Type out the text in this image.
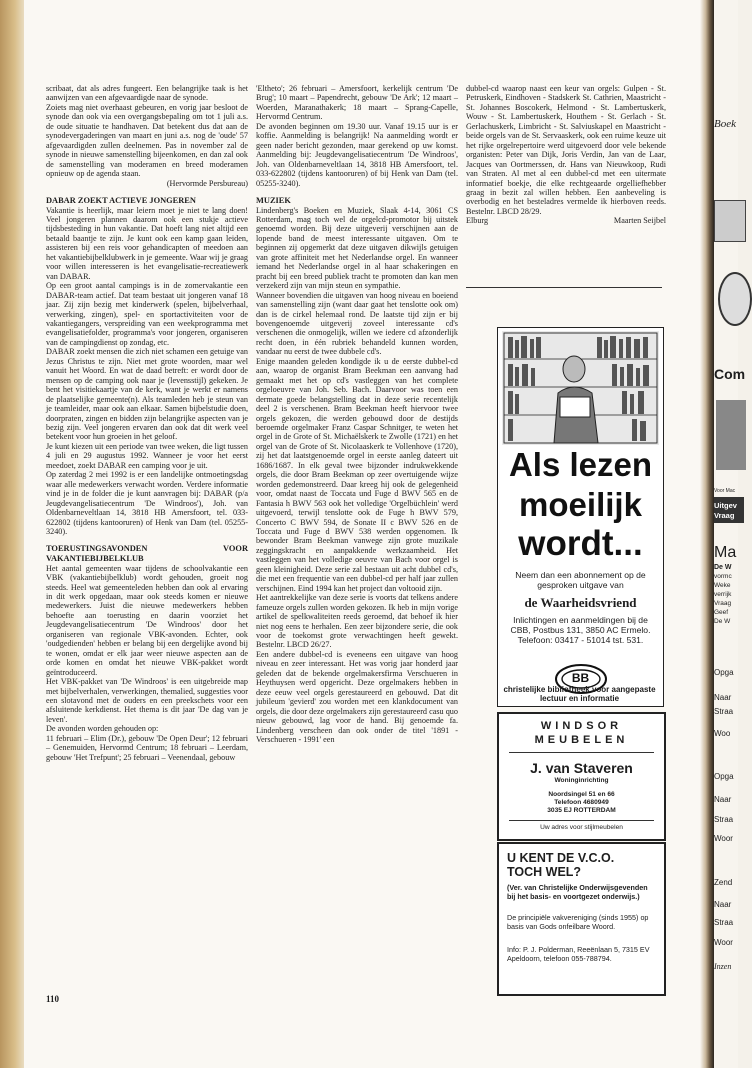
scribaat, dat als adres fungeert. Een belangrijke taak is het aanwijzen van een afgevaardigde naar de synode.

Zoiets mag niet overhaast gebeuren, en vorig jaar besloot de synode dan ook via een overgangsbepaling om tot 1 juli a.s. de oude situatie te handhaven. Dat betekent dus dat aan de synodevergaderingen van maart en juni a.s. nog de 'oude' 57 afgevaardigden zullen deelnemen. Pas in november zal de synode in nieuwe samenstelling bijeenkomen, en dan zal ook de samenstelling van moderamen en breed moderamen opnieuw op de agenda staan.

(Hervormde Persbureau)

DABAR ZOEKT ACTIEVE JONGEREN

Vakantie is heerlijk, maar leiern moet je niet te lang doen! Veel jongeren plannen daarom ook een stukje actieve tijdsbesteding in hun vakantie. Dat hoeft lang niet altijd een betaald baantje te zijn. Je kunt ook een kamp gaan leiden, assisteren bij een reis voor gehandicapten of meedoen aan het vakantiebijbelklubwerk in je gemeente. Waar wij je graag voor willen interesseren is het evangelisatie-recreatiewerk van DABAR.

Op een groot aantal campings is in de zomervakantie een DABAR-team actief. Dat team bestaat uit jongeren vanaf 18 jaar. Zij zijn bezig met kinderwerk (spelen, bijbelverhaal, verwerking, zingen), spel- en sportactiviteiten voor de vakantiegangers, verspreiding van een weekprogramma met evangelisatiefolder, programma's voor jongeren, organiseren van de campingdienst op zondag, etc.

DABAR zoekt mensen die zich niet schamen een getuige van Jezus Christus te zijn. Niet met grote woorden, maar wel vanuit het Woord. En wat de daad betreft: er wordt door de mensen op de camping ook naar je (levensstijl) gekeken. Je bent het visitiekaartje van de kerk, want je werkt er namens de plaatselijke gemeente(n). Als teamleden heb je steun van je teamleider, maar ook aan elkaar. Samen bijbelstudie doen, doorpraten, zingen en bidden zijn belangrijke aspecten van je bezig zijn. Veel jongeren ervaren dan ook dat dit werk veel betekent voor hun groeien in het geloof.

Je kunt kiezen uit een periode van twee weken, die ligt tussen 4 juli en 29 augustus 1992. Wanneer je voor het eerst meedoet, zoekt DABAR een camping voor je uit.

Op zaterdag 2 mei 1992 is er een landelijke ontmoetingsdag waar alle medewerkers verwacht worden. Verdere informatie vind je in de folder die je kunt aanvragen bij: DABAR (p/a Jeugdevangelisatiecentrum 'De Windroos'), Joh. van Oldenbarneveltlaan 14, 3818 HB Amersfoort, tel. 033-622802 (tijdens kantooruren) of Henk van Dam (tel. 05255-3240).

TOERUSTINGSAVONDEN VOOR VAKANTIEBIJBELKLUB

Het aantal gemeenten waar tijdens de schoolvakantie een VBK (vakantiebijbelklub) wordt gehouden, groeit nog steeds. Heel wat gemeenteleden hebben dan ook al ervaring in dit werk opgedaan, maar ook steeds komen er nieuwe medewerkers. Juist die nieuwe medewerkers hebben behoefte aan toerusting en daarin voorziet het Jeugdevangelisatiecentrum 'De Windroos' door het organiseren van regionale VBK-avonden. Echter, ook 'oudgedienden' hebben er belang bij een dergelijke avond bij te wonen, omdat er elk jaar weer nieuwe aspecten aan de orde komen en omdat het nieuwe VBK-pakket wordt geïntroduceerd.

Het VBK-pakket van 'De Windroos' is een uitgebreide map met bijbelverhalen, verwerkingen, themalied, suggesties voor een slotavond met de ouders en een preekschets voor een afsluitende kerkdienst. Het thema is dit jaar 'De dag van je leven'.

De avonden worden gehouden op:

11 februari – Elim (Dr.), gebouw 'De Open Deur'; 12 februari – Genemuiden, Hervormd Centrum; 18 februari – Leerdam, gebouw 'Het Trefpunt'; 25 februari – Veenendaal, gebouw

'Eltheto'; 26 februari – Amersfoort, kerkelijk centrum 'De Brug'; 10 maart – Papendrecht, gebouw 'De Ark'; 12 maart – Woerden, Maranathakerk; 18 maart – Sprang-Capelle, Hervormd Centrum.

De avonden beginnen om 19.30 uur. Vanaf 19.15 uur is er koffie. Aanmelding is belangrijk! Na aanmelding wordt er geen nader bericht gezonden, maar gerekend op uw komst. Aanmelding bij: Jeugdevangelisatiecentrum 'De Windroos', Joh. van Oldenbarneveltlaan 14, 3818 HB Amersfoort, tel. 033-622802 (tijdens kantooruren) of bij Henk van Dam (tel. 05255-3240).

MUZIEK

Lindenberg's Boeken en Muziek, Slaak 4-14, 3061 CS Rotterdam, mag toch wel de orgelcd-promotor bij uitstek genoemd worden. Bij deze uitgeverij verschijnen aan de lopende band de meest interessante uitgaven. Om te beginnen zij opgemerkt dat deze uitgaven dikwijls getuigen van grote affiniteit met het Nederlandse orgel. En wanneer iemand het Nederlandse orgel in al haar schakeringen en pracht bij een breed publiek tracht te promoten dan kan men verzekerd zijn van mijn steun en sympathie.

Wanneer bovendien die uitgaven van hoog niveau en boeiend van samenstelling zijn (want daar gaat het tenslotte ook om) dan is de cirkel helemaal rond. De laatste tijd zijn er bij bovengenoemde uitgeverij zoveel interessante cd's verschenen die onmogelijk, willen we iedere cd afzonderlijk recht doen, in één rubriek behandeld kunnen worden, vandaar nu eerst de twee dubbele cd's.

Enige maanden geleden kondigde ik u de eerste dubbel-cd aan, waarop de organist Bram Beekman een aanvang had gemaakt met het op cd's vastleggen van het complete orgeloeuvre van Joh. Seb. Bach. Daarvoor was toen een dermate goede belangstelling dat in deze serie recentelijk deel 2 is verschenen. Bram Beekman heeft hiervoor twee orgels gekozen, die werden gebouwd door de destijds beroemde orgelmaker Franz Caspar Schnitger, te weten het orgel in de Grote of St. Michaëlskerk te Zwolle (1721) en het orgel van de Grote of St. Nicolaaskerk te Vollenhove (1720), zij het dat laatstgenoemde orgel in eerste aanleg dateert uit 1686/1687. In elk geval twee bijzonder indrukwekkende orgels, die door Bram Beekman op zeer overtuigende wijze worden gedemonstreerd. Daar kreeg hij ook de gelegenheid voor, omdat naast de Toccata und Fuge d BWV 565 en de Fantasia h BWV 563 ook het volledige 'Orgelbüchlein' werd uitgevoerd, terwijl tenslotte ook de Fuge h BWV 579, Concerto C BWV 594, de Sonate II c BWV 526 en de Toccata und Fuge d BWV 538 werden opgenomen. Ik bewonder Bram Beekman vanwege zijn grote muzikale zeggingskracht en aanpakkende werkzaamheid. Het vastleggen van het volledige oeuvre van Bach voor orgel is geen kleinigheid. Deze serie zal bestaan uit acht dubbel cd's, die met een frequentie van een dubbel-cd per half jaar zullen verschijnen. Eind 1994 kan het project dan voltooid zijn.

Het aantrekkelijke van deze serie is voorts dat telkens andere fameuze orgels zullen worden gekozen. Ik heb in mijn vorige artikel de spelkwaliteiten reeds geroemd, dat behoef ik hier niet nog eens te herhalen. Een zeer bijzondere serie, die ook voor de toekomst grote verwachtingen heeft gewekt. Bestelnr. LBCD 26/27.

Een andere dubbel-cd is eveneens een uitgave van hoog niveau en zeer interessant. Het was vorig jaar honderd jaar geleden dat de bekende orgelmakersfirma Verschueren in Heythuysen werd opgericht. Deze orgelmakers hebben in deze eeuw veel orgels gerestaureerd en gebouwd. Dat dit jubileum 'gevierd' zou worden met een klankdocument van orgels, die door deze orgelmakers zijn gerestaureerd casu quo nieuw gebouwd, lag voor de hand. Bij genoemde fa. Lindenberg verscheen dan ook onder de titel '1891 - Verschueren - 1991' een

dubbel-cd waarop naast een keur van orgels: Gulpen - St. Petruskerk, Eindhoven - Stadskerk St. Cathrien, Maastricht - St. Johannes Boscokerk, Helmond - St. Lambertuskerk, Wouw - St. Lambertuskerk, Houthem - St. Gerlach - St. Gerlachuskerk, Limbricht - St. Salviuskapel en Maastricht - beide orgels van de St. Servaaskerk, ook een ruime keuze uit het rijke orgelrepertoire werd uitgevoerd door vele bekende organisten: Peter van Dijk, Joris Verdin, Jan van de Laar, Jacques van Oortmerssen, dr. Hans van Nieuwkoop, Rudi van Straten. Al met al een dubbel-cd met een uitermate informatief boekje, die elke rechtgeaarde orgelliefhebber graag in bezit zal willen hebben. Een aanbeveling is overbodig en het besteladres vermelde ik hierboven reeds. Bestelnr. LBCD 28/29.

Elburg	Maarten Seijbel
110
Als lezen
moeilijk
wordt...
Neem dan een abonnement op de gesproken uitgave van
de Waarheidsvriend
Inlichtingen en aanmeldingen bij de CBB, Postbus 131, 3850 AC Ermelo. Telefoon: 03417 - 51014 tst. 531.
BB
christelijke bibliotheek voor aangepaste lectuur en informatie
WINDSOR
MEUBELEN
J. van Staveren
Woninginrichting
Noordsingel 51 en 66
Telefoon 4680949
3035 EJ ROTTERDAM
Uw adres voor stijlmeubelen
U KENT DE V.C.O.
TOCH WEL?
(Ver. van Christelijke Onderwijsgevenden bij het basis- en voortgezet onderwijs.)
De principiële vakvereniging (sinds 1955) op basis van Gods onfeilbare Woord.
Info: P. J. Polderman, Reeënlaan 5, 7315 EV Apeldoorn, telefoon 055-788794.
Boek
Com
Voor Mac
Uitgev
Vraag
Ma
De W
vormc
Weke
verrijk
Vraag
Geef
De W
Opga
Naar
Straa
Woo
Opga
Naar
Straa
Woor
Zend
Naar
Straa
Woor
Inzen
